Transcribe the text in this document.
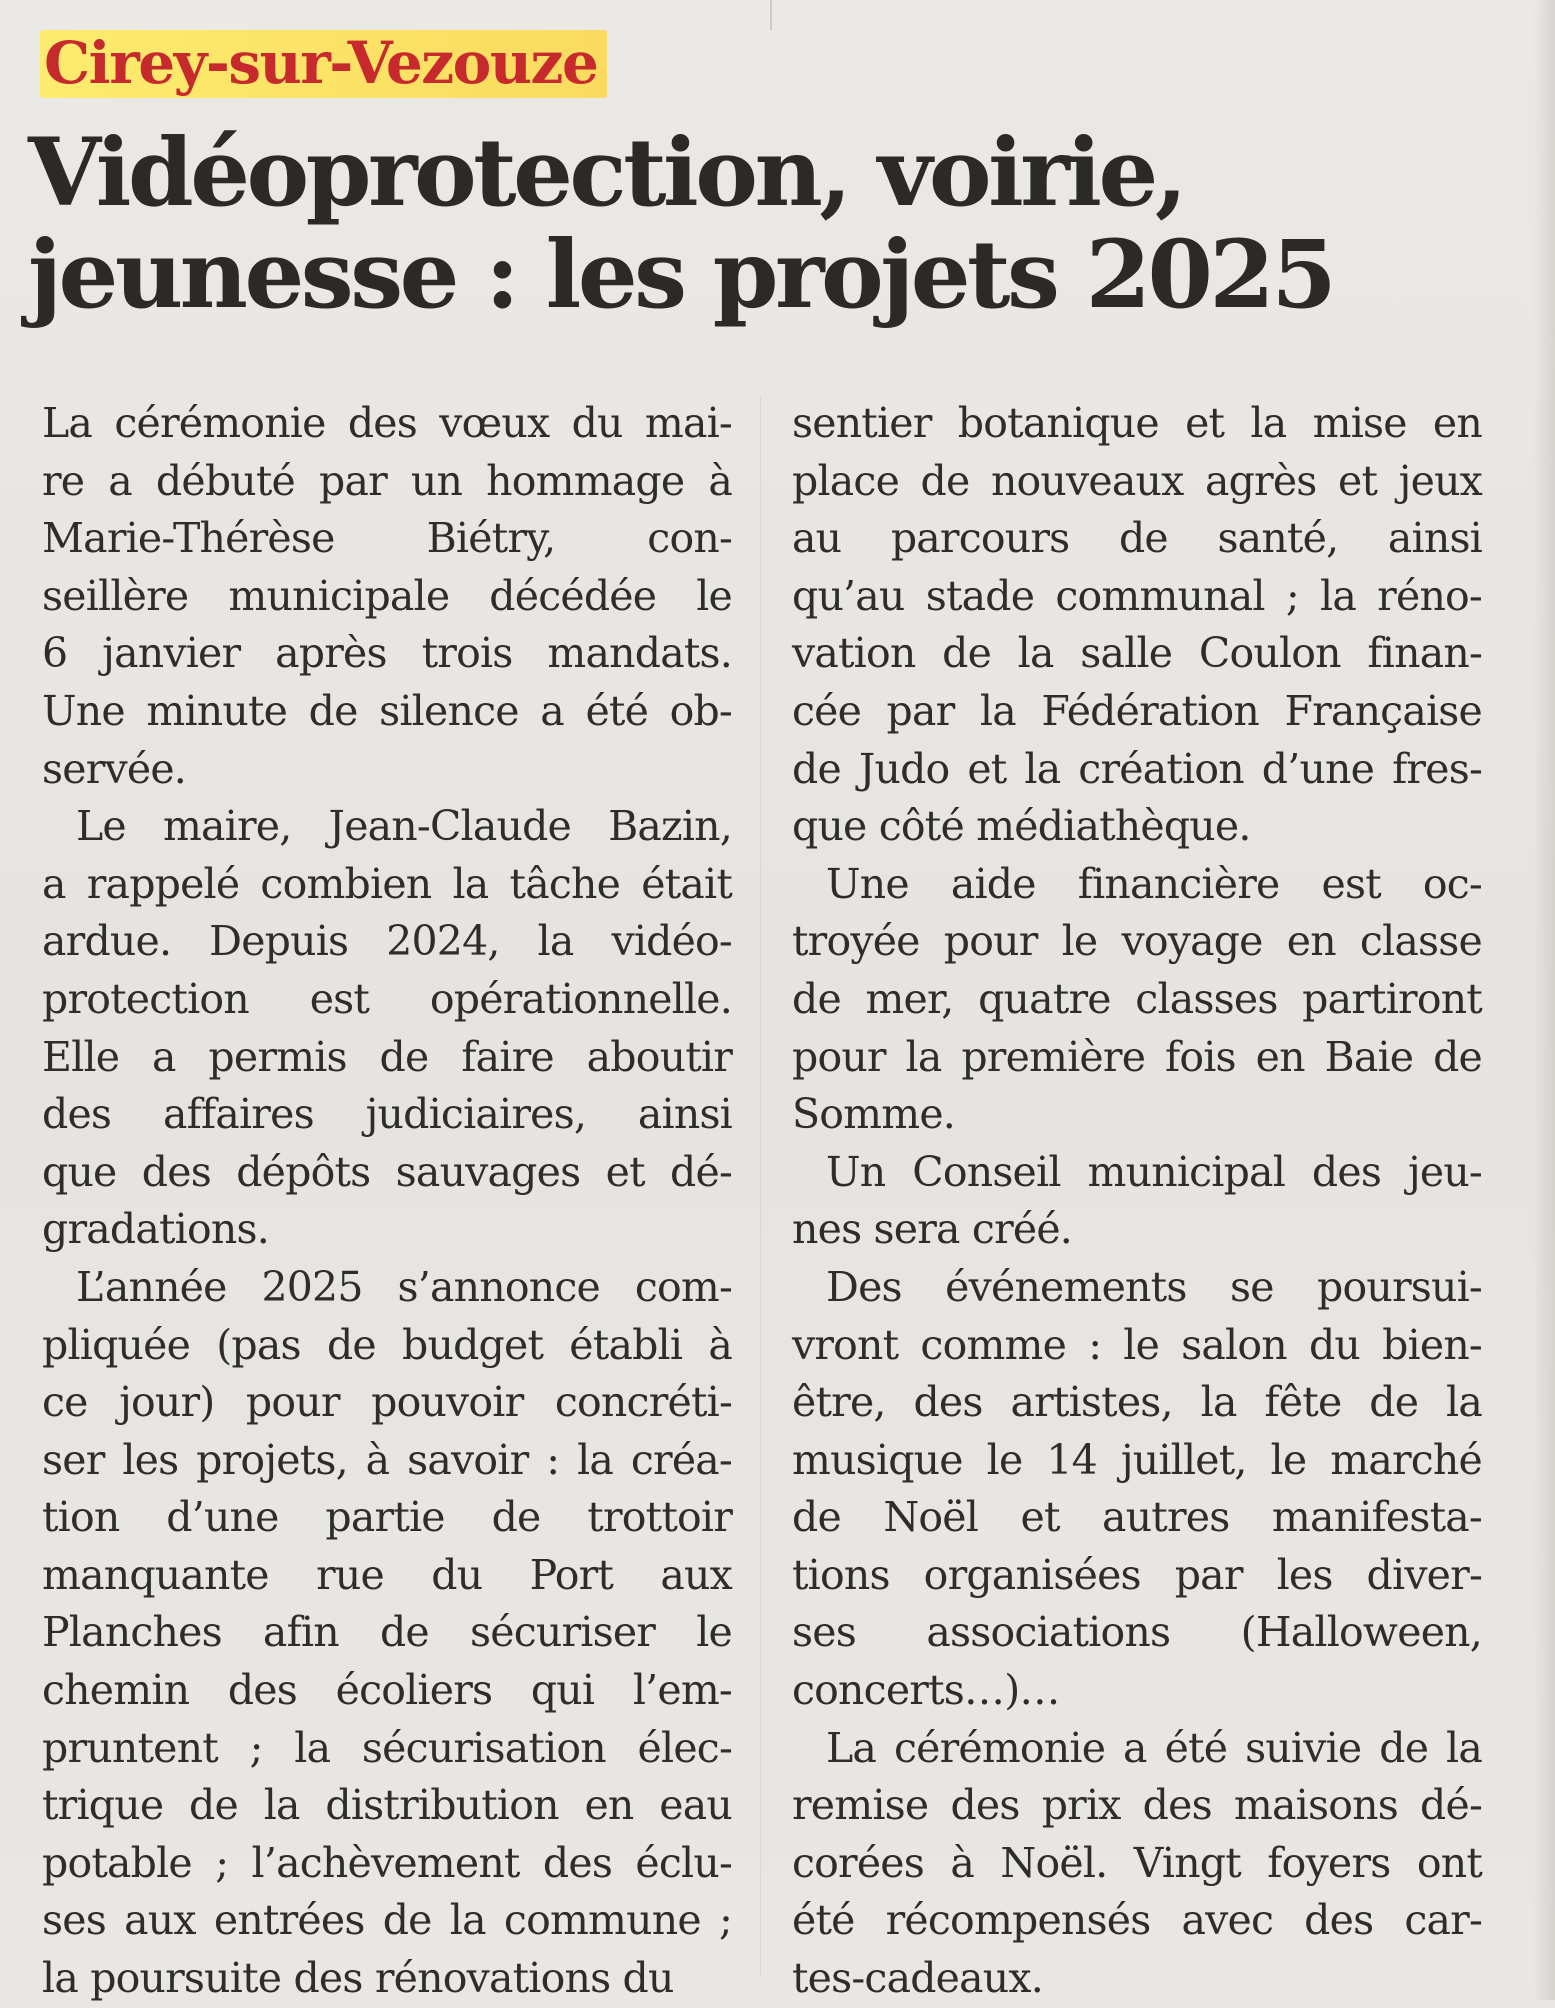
Cirey-sur-Vezouze
Vidéoprotection, voirie,
jeunesse : les projets 2025
La cérémonie des vœux du mai-
re a débuté par un hommage à
Marie-Thérèse Biétry, con-
seillère municipale décédée le
6 janvier après trois mandats.
Une minute de silence a été ob-
servée.
Le maire, Jean-Claude Bazin,
a rappelé combien la tâche était
ardue. Depuis 2024, la vidéo-
protection est opérationnelle.
Elle a permis de faire aboutir
des affaires judiciaires, ainsi
que des dépôts sauvages et dé-
gradations.
L’année 2025 s’annonce com-
pliquée (pas de budget établi à
ce jour) pour pouvoir concréti-
ser les projets, à savoir : la créa-
tion d’une partie de trottoir
manquante rue du Port aux
Planches afin de sécuriser le
chemin des écoliers qui l’em-
pruntent ; la sécurisation élec-
trique de la distribution en eau
potable ; l’achèvement des éclu-
ses aux entrées de la commune ;
la poursuite des rénovations du
sentier botanique et la mise en
place de nouveaux agrès et jeux
au parcours de santé, ainsi
qu’au stade communal ; la réno-
vation de la salle Coulon finan-
cée par la Fédération Française
de Judo et la création d’une fres-
que côté médiathèque.
Une aide financière est oc-
troyée pour le voyage en classe
de mer, quatre classes partiront
pour la première fois en Baie de
Somme.
Un Conseil municipal des jeu-
nes sera créé.
Des événements se poursui-
vront comme : le salon du bien-
être, des artistes, la fête de la
musique le 14 juillet, le marché
de Noël et autres manifesta-
tions organisées par les diver-
ses associations (Halloween,
concerts…)…
La cérémonie a été suivie de la
remise des prix des maisons dé-
corées à Noël. Vingt foyers ont
été récompensés avec des car-
tes-cadeaux.
